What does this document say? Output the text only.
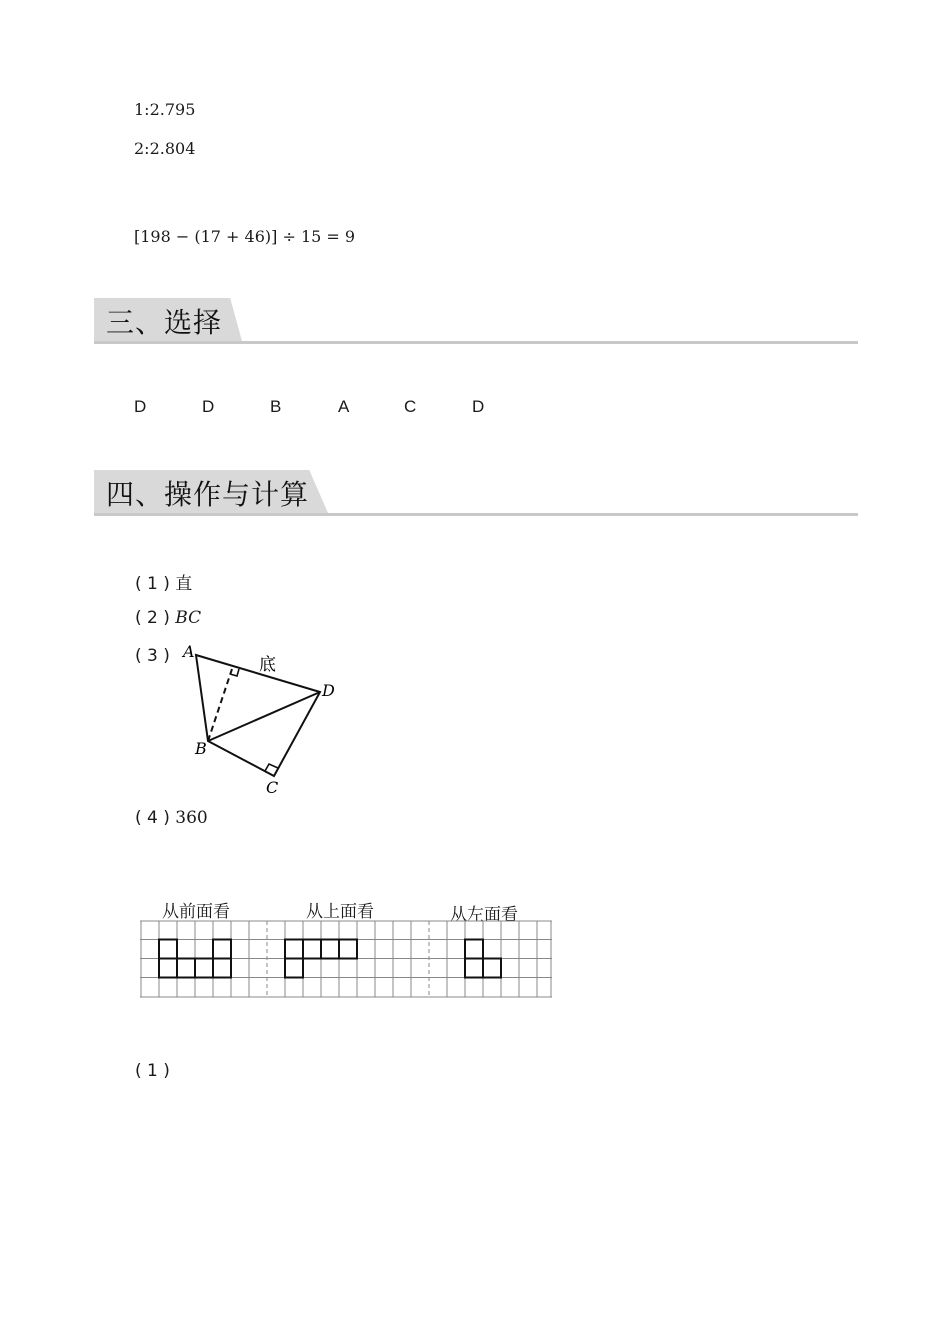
1:2.795
2:2.804
[198 − (17 + 46)] ÷ 15 = 9
三、选择
D	D	B	A	C	D
四、操作与计算
( 1 ) 直
( 2 ) BC
( 3 ) A
B
C
D
底
( 4 ) 360
从前面看	从上面看	从左面看
( 1 )
